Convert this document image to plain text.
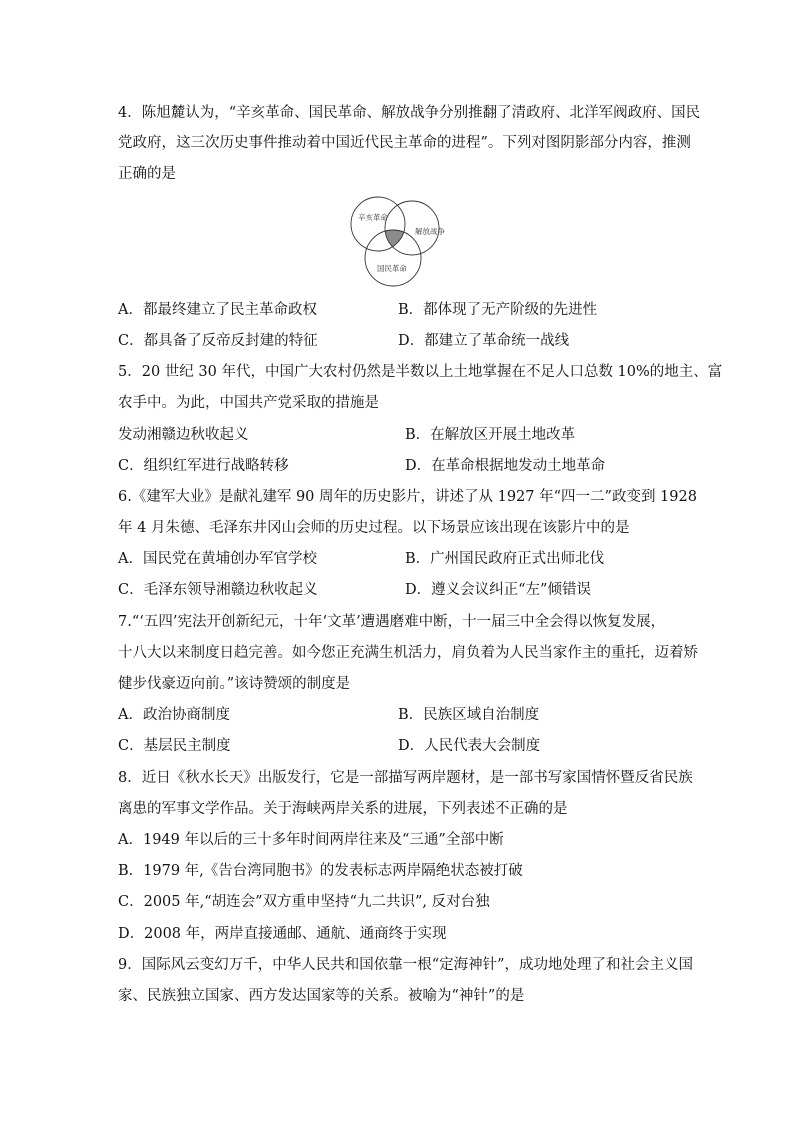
4．陈旭麓认为，“辛亥革命、国民革命、解放战争分别推翻了清政府、北洋军阀政府、国民
党政府，这三次历史事件推动着中国近代民主革命的进程”。下列对图阴影部分内容，推测
正确的是
辛亥革命
解放战争
国民革命
A．都最终建立了民主革命政权	B．都体现了无产阶级的先进性
C．都具备了反帝反封建的特征	D．都建立了革命统一战线
5．20 世纪 30 年代，中国广大农村仍然是半数以上土地掌握在不足人口总数 10%的地主、富
农手中。为此，中国共产党采取的措施是
发动湘赣边秋收起义	B．在解放区开展土地改革
C．组织红军进行战略转移	D．在革命根据地发动土地革命
6.《建军大业》是献礼建军 90 周年的历史影片，讲述了从 1927 年“四一二”政变到 1928
年 4 月朱德、毛泽东井冈山会师的历史过程。以下场景应该出现在该影片中的是
A．国民党在黄埔创办军官学校	B．广州国民政府正式出师北伐
C．毛泽东领导湘赣边秋收起义	D．遵义会议纠正“左”倾错误
7.“‘五四’宪法开创新纪元，十年‘文革’遭遇磨难中断，十一届三中全会得以恢复发展，
十八大以来制度日趋完善。如今您正充满生机活力，肩负着为人民当家作主的重托，迈着矫
健步伐豪迈向前。”该诗赞颂的制度是
A．政治协商制度	B．民族区域自治制度
C．基层民主制度	D．人民代表大会制度
8．近日《秋水长天》出版发行，它是一部描写两岸题材，是一部书写家国情怀暨反省民族
离患的军事文学作品。关于海峡两岸关系的进展，下列表述不正确的是
A．1949 年以后的三十多年时间两岸往来及“三通”全部中断
B．1979 年,《告台湾同胞书》的发表标志两岸隔绝状态被打破
C．2005 年,“胡连会”双方重申坚持“九二共识”, 反对台独
D．2008 年，两岸直接通邮、通航、通商终于实现
9．国际风云变幻万千，中华人民共和国依靠一根“定海神针”，成功地处理了和社会主义国
家、民族独立国家、西方发达国家等的关系。被喻为“神针”的是
